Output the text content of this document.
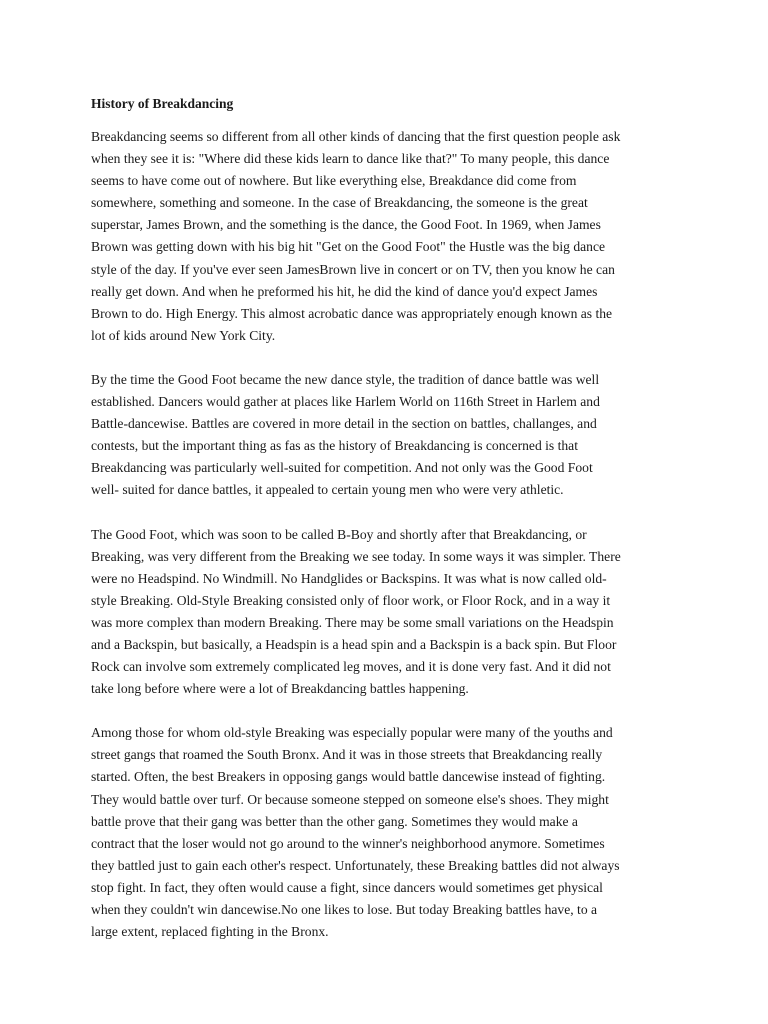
History of Breakdancing
Breakdancing seems so different from all other kinds of dancing that the first question people ask
when they see it is: "Where did these kids learn to dance like that?" To many people, this dance
seems to have come out of nowhere. But like everything else, Breakdance did come from
somewhere, something and someone. In the case of Breakdancing, the someone is the great
superstar, James Brown, and the something is the dance, the Good Foot. In 1969, when James
Brown was getting down with his big hit "Get on the Good Foot" the Hustle was the big dance
style of the day. If you've ever seen JamesBrown live in concert or on TV, then you know he can
really get down. And when he preformed his hit, he did the kind of dance you'd expect James
Brown to do. High Energy. This almost acrobatic dance was appropriately enough known as the
lot of kids around New York City.
By the time the Good Foot became the new dance style, the tradition of dance battle was well
established. Dancers would gather at places like Harlem World on 116th Street in Harlem and
Battle-dancewise. Battles are covered in more detail in the section on battles, challanges, and
contests, but the important thing as fas as the history of Breakdancing is concerned is that
Breakdancing was particularly well-suited for competition. And not only was the Good Foot
well- suited for dance battles, it appealed to certain young men who were very athletic.
The Good Foot, which was soon to be called B-Boy and shortly after that Breakdancing, or
Breaking, was very different from the Breaking we see today. In some ways it was simpler. There
were no Headspind. No Windmill. No Handglides or Backspins. It was what is now called old-
style Breaking. Old-Style Breaking consisted only of floor work, or Floor Rock, and in a way it
was more complex than modern Breaking. There may be some small variations on the Headspin
and a Backspin, but basically, a Headspin is a head spin and a Backspin is a back spin. But Floor
Rock can involve som extremely complicated leg moves, and it is done very fast. And it did not
take long before where were a lot of Breakdancing battles happening.
Among those for whom old-style Breaking was especially popular were many of the youths and
street gangs that roamed the South Bronx. And it was in those streets that Breakdancing really
started. Often, the best Breakers in opposing gangs would battle dancewise instead of fighting.
They would battle over turf. Or because someone stepped on someone else's shoes. They might
battle prove that their gang was better than the other gang. Sometimes they would make a
contract that the loser would not go around to the winner's neighborhood anymore. Sometimes
they battled just to gain each other's respect. Unfortunately, these Breaking battles did not always
stop fight. In fact, they often would cause a fight, since dancers would sometimes get physical
when they couldn't win dancewise.No one likes to lose. But today Breaking battles have, to a
large extent, replaced fighting in the Bronx.
